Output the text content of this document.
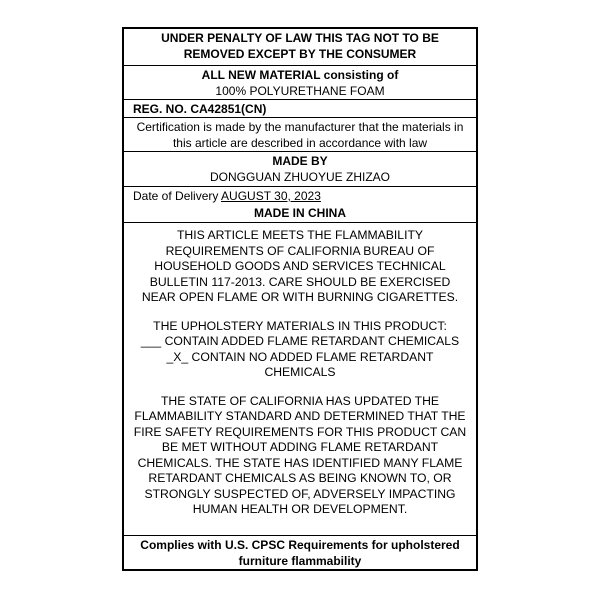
UNDER PENALTY OF LAW THIS TAG NOT TO BE
REMOVED EXCEPT BY THE CONSUMER
ALL NEW MATERIAL consisting of
100% POLYURETHANE FOAM
REG. NO. CA42851(CN)
Certification is made by the manufacturer that the materials in
this article are described in accordance with law
MADE BY
DONGGUAN ZHUOYUE ZHIZAO
Date of Delivery AUGUST 30, 2023
MADE IN CHINA
THIS ARTICLE MEETS THE FLAMMABILITY
REQUIREMENTS OF CALIFORNIA BUREAU OF
HOUSEHOLD GOODS AND SERVICES TECHNICAL
BULLETIN 117-2013. CARE SHOULD BE EXERCISED
NEAR OPEN FLAME OR WITH BURNING CIGARETTES.
THE UPHOLSTERY MATERIALS IN THIS PRODUCT:
___ CONTAIN ADDED FLAME RETARDANT CHEMICALS
_X_ CONTAIN NO ADDED FLAME RETARDANT
CHEMICALS
THE STATE OF CALIFORNIA HAS UPDATED THE
FLAMMABILITY STANDARD AND DETERMINED THAT THE
FIRE SAFETY REQUIREMENTS FOR THIS PRODUCT CAN
BE MET WITHOUT ADDING FLAME RETARDANT
CHEMICALS. THE STATE HAS IDENTIFIED MANY FLAME
RETARDANT CHEMICALS AS BEING KNOWN TO, OR
STRONGLY SUSPECTED OF, ADVERSELY IMPACTING
HUMAN HEALTH OR DEVELOPMENT.
Complies with U.S. CPSC Requirements for upholstered
furniture flammability
